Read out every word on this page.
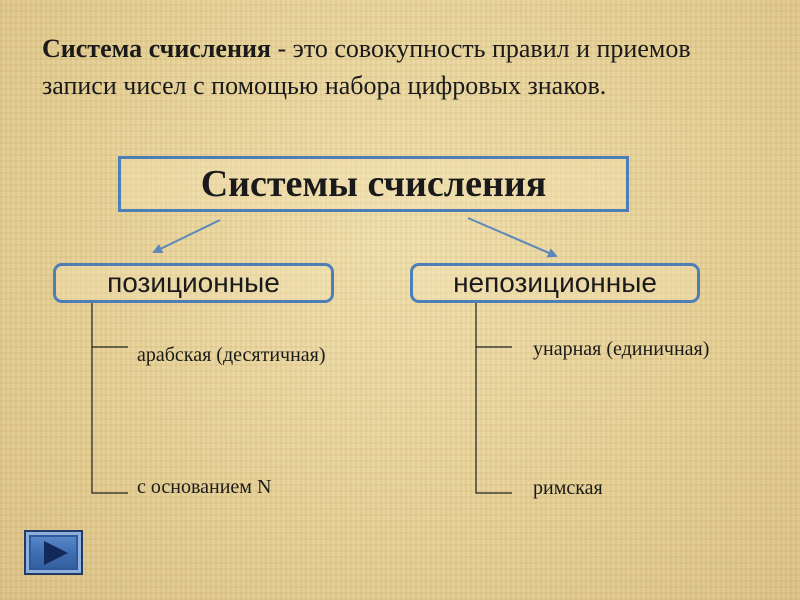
Система счисления - это совокупность правил и приемов записи чисел с помощью набора цифровых знаков.

Системы счисления
позиционные	непозиционные
арабская (десятичная)
с основанием N
унарная (единичная)
римская
